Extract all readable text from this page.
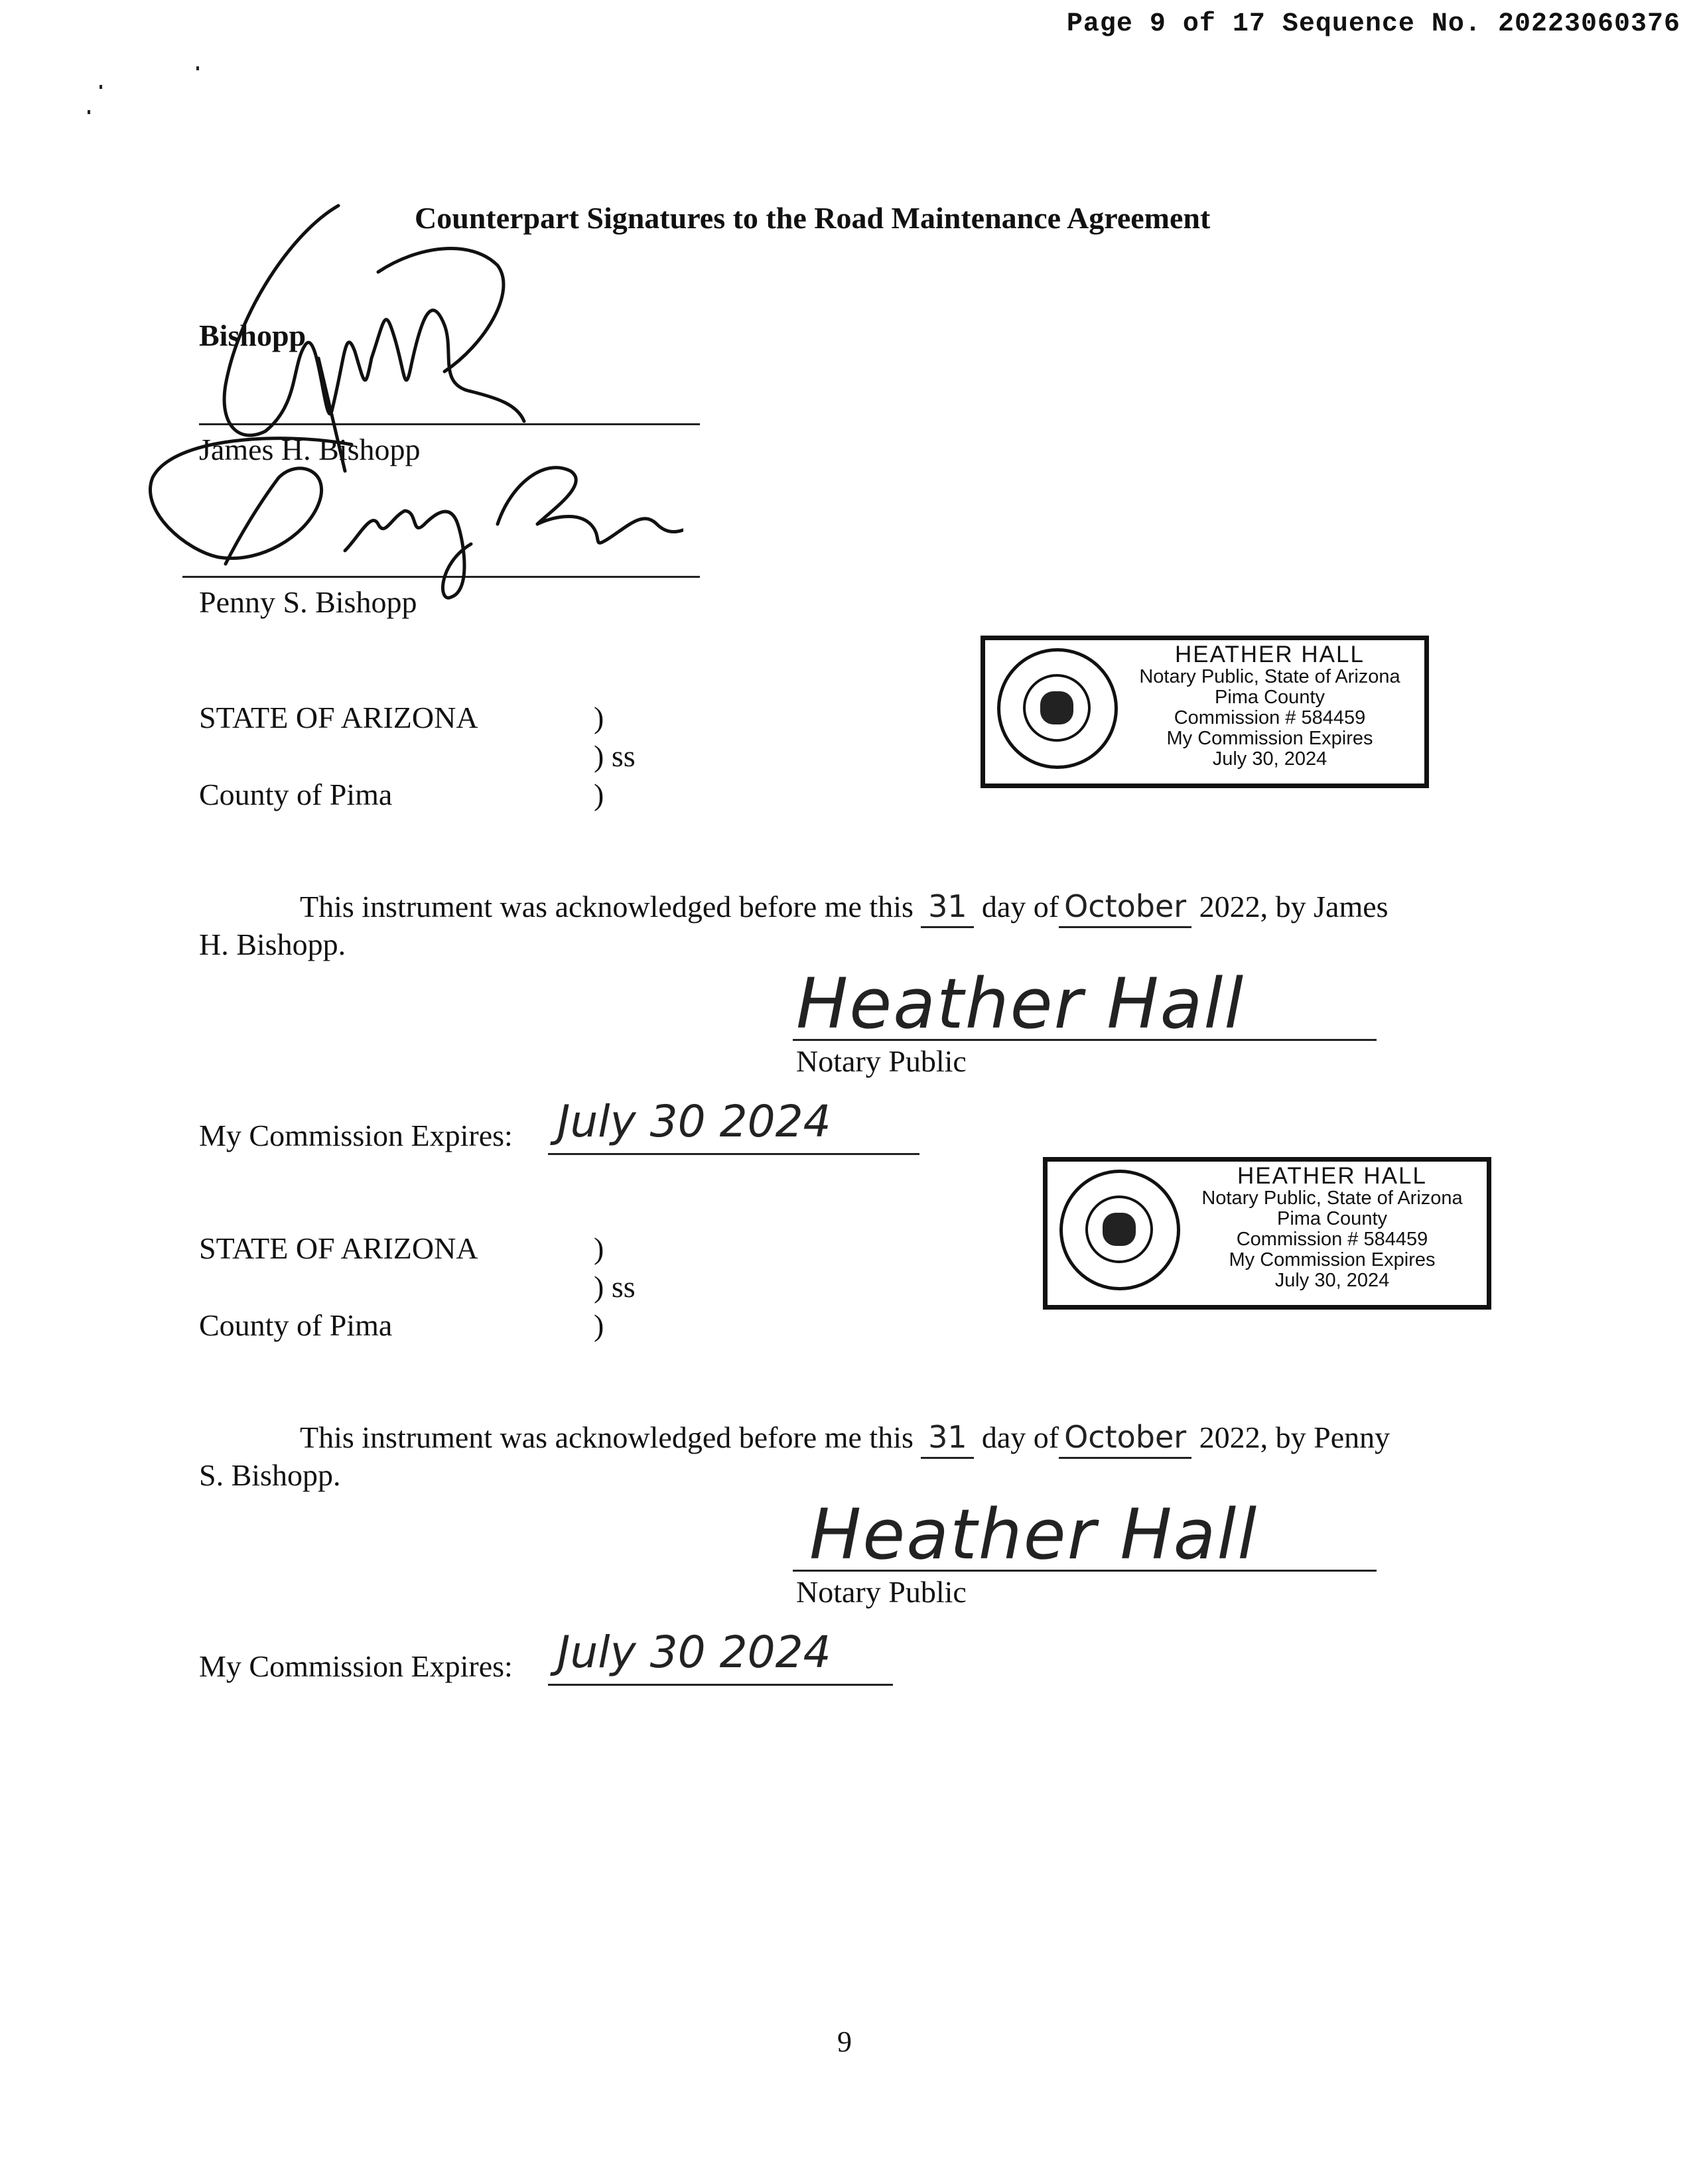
Page 9 of 17 Sequence No. 20223060376
Counterpart Signatures to the Road Maintenance Agreement
Bishopp
James H. Bishopp
Penny S. Bishopp
HEATHER HALL
Notary Public, State of Arizona
Pima County
Commission # 584459
My Commission Expires
July 30, 2024
STATE OF ARIZONA	)
) ss
County of Pima	)
This instrument was acknowledged before me this 31 day of October 2022, by James
H. Bishopp.
Heather Hall
Notary Public
My Commission Expires: July 30 2024
HEATHER HALL
Notary Public, State of Arizona
Pima County
Commission # 584459
My Commission Expires
July 30, 2024
STATE OF ARIZONA	)
) ss
County of Pima	)
This instrument was acknowledged before me this 31 day of October 2022, by Penny
S. Bishopp.
Heather Hall
Notary Public
My Commission Expires: July 30 2024
9
